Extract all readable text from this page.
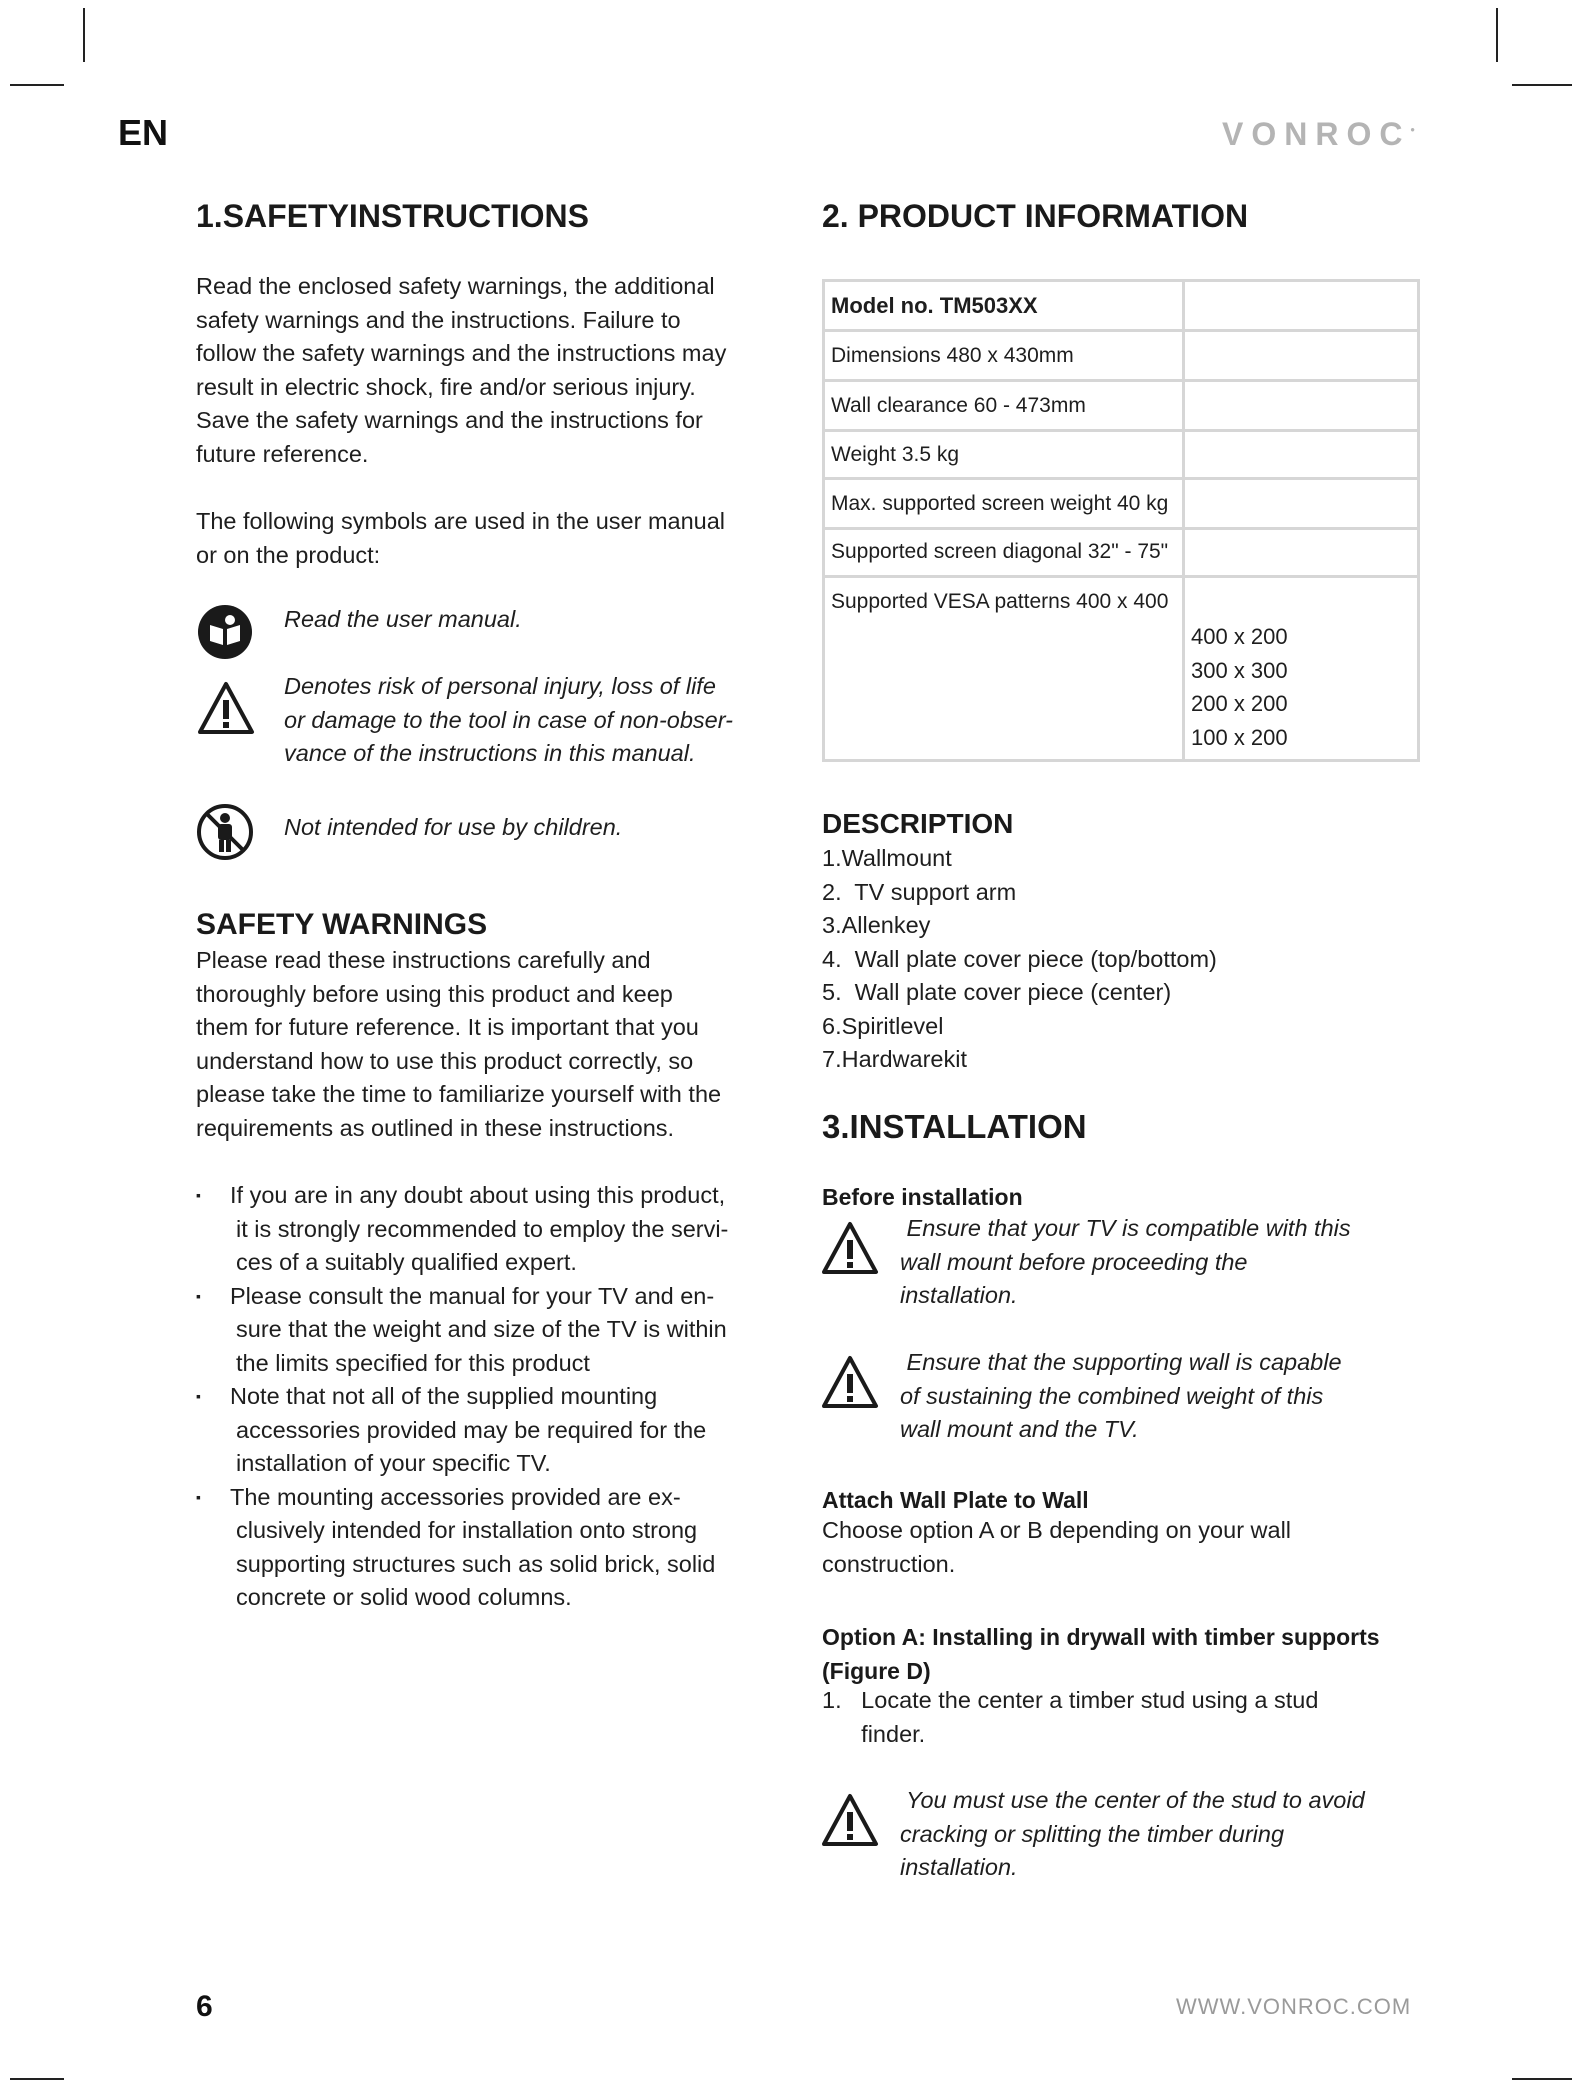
EN	VONROC•
1.SAFETYINSTRUCTIONS

Read the enclosed safety warnings, the additional

safety warnings and the instructions. Failure to

follow the safety warnings and the instructions may

result in electric shock, fire and/or serious injury.

Save the safety warnings and the instructions for

future reference.

The following symbols are used in the user manual

or on the product:

Read the user manual.

Denotes risk of personal injury, loss of life

or damage to the tool in case of non-obser-

vance of the instructions in this manual.

Not intended for use by children.

SAFETY WARNINGS

Please read these instructions carefully and

thoroughly before using this product and keep

them for future reference. It is important that you

understand how to use this product correctly, so

please take the time to familiarize yourself with the

requirements as outlined in these instructions.

▪ If you are in any doubt about using this product,
it is strongly recommended to employ the servi-
ces of a suitably qualified expert.
▪ Please consult the manual for your TV and en-
sure that the weight and size of the TV is within
the limits specified for this product
▪ Note that not all of the supplied mounting
accessories provided may be required for the
installation of your specific TV.
▪ The mounting accessories provided are ex-
clusively intended for installation onto strong
supporting structures such as solid brick, solid
concrete or solid wood columns.
2. PRODUCT INFORMATION
Model no. TM503XX	
Dimensions 480 x 430mm	
Wall clearance 60 - 473mm	
Weight 3.5 kg	

Max. supported screen weight 40 kg	

Supported screen diagonal 32" - 75"	

Supported VESA patterns 400 x 400	400 x 200
300 x 300
200 x 200
100 x 200
DESCRIPTION
1.Wallmount
2.  TV support arm
3.Allenkey
4.  Wall plate cover piece (top/bottom)
5.  Wall plate cover piece (center)
6.Spiritlevel
7.Hardwarekit
3.INSTALLATION
Before installation

Ensure that your TV is compatible with this

wall mount before proceeding the

installation.

Ensure that the supporting wall is capable

of sustaining the combined weight of this

wall mount and the TV.

Attach Wall Plate to Wall

Choose option A or B depending on your wall

construction.

Option A: Installing in drywall with timber supports
(Figure D)

1.   Locate the center a timber stud using a stud

finder.

You must use the center of the stud to avoid

cracking or splitting the timber during

installation.

6	WWW.VONROC.COM
